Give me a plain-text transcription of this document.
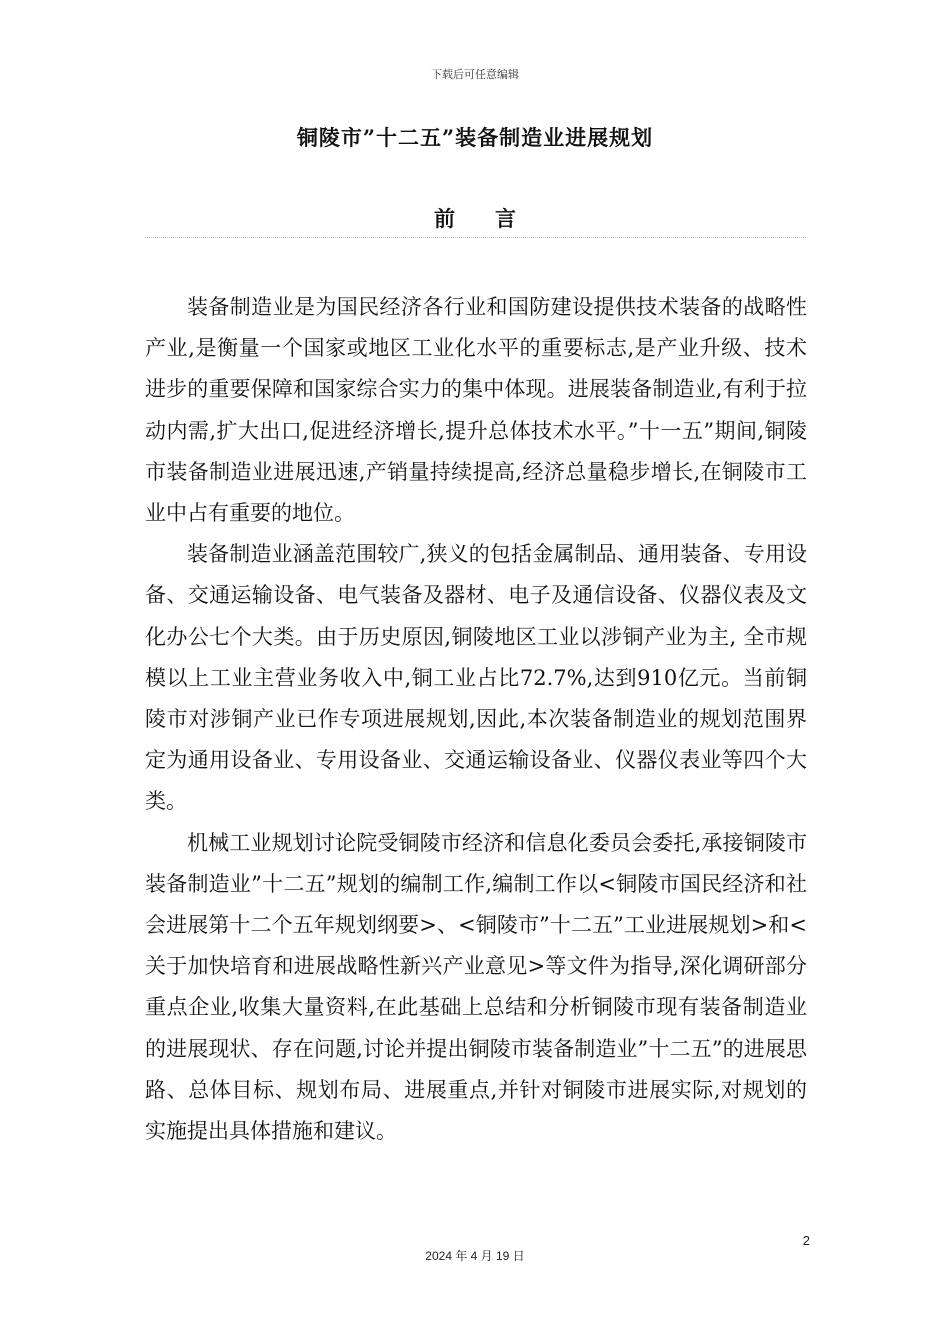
下载后可任意编辑
铜陵市”十二五”装备制造业进展规划
前言

装备制造业是为国民经济各行业和国防建设提供技术装备的战略性产业,是衡量一个国家或地区工业化水平的重要标志,是产业升级、技术进步的重要保障和国家综合实力的集中体现。进展装备制造业,有利于拉动内需,扩大出口,促进经济增长,提升总体技术水平。”十一五”期间,铜陵市装备制造业进展迅速,产销量持续提高,经济总量稳步增长,在铜陵市工业中占有重要的地位。

装备制造业涵盖范围较广,狭义的包括金属制品、通用装备、专用设备、交通运输设备、电气装备及器材、电子及通信设备、仪器仪表及文化办公七个大类。由于历史原因,铜陵地区工业以涉铜产业为主, 全市规模以上工业主营业务收入中,铜工业占比72.7%,达到910亿元。当前铜陵市对涉铜产业已作专项进展规划,因此,本次装备制造业的规划范围界定为通用设备业、专用设备业、交通运输设备业、仪器仪表业等四个大类。

机械工业规划讨论院受铜陵市经济和信息化委员会委托,承接铜陵市装备制造业”十二五”规划的编制工作,编制工作以<铜陵市国民经济和社会进展第十二个五年规划纲要>、<铜陵市”十二五”工业进展规划>和<关于加快培育和进展战略性新兴产业意见>等文件为指导,深化调研部分重点企业,收集大量资料,在此基础上总结和分析铜陵市现有装备制造业的进展现状、存在问题,讨论并提出铜陵市装备制造业”十二五”的进展思路、总体目标、规划布局、进展重点,并针对铜陵市进展实际,对规划的实施提出具体措施和建议。

2
2024 年 4 月 19 日
